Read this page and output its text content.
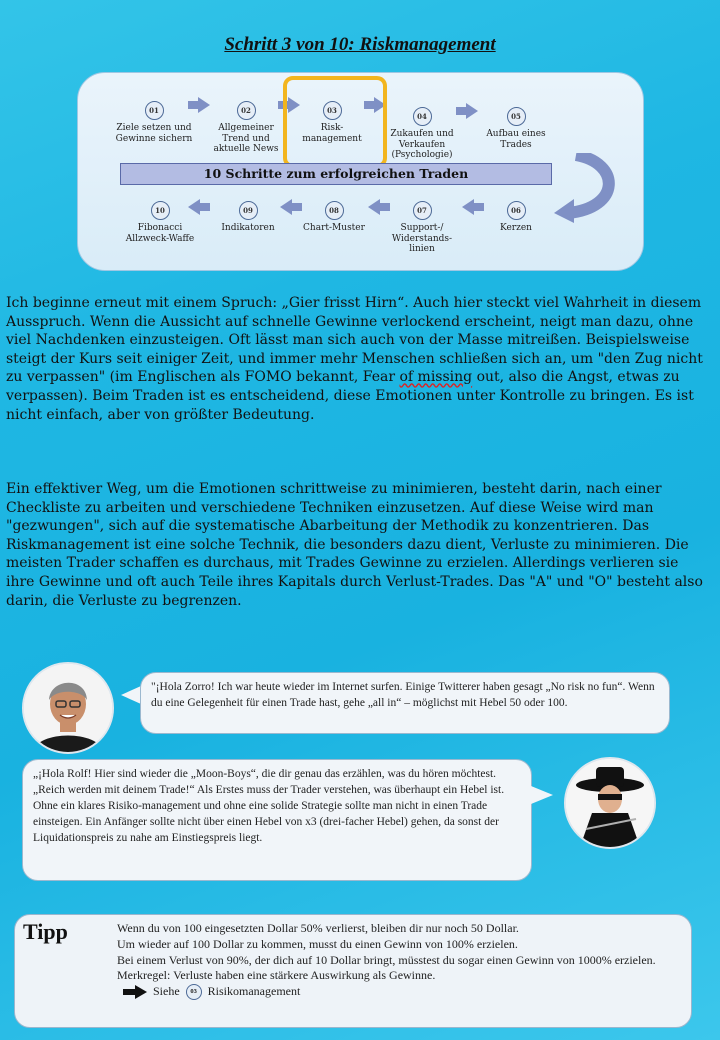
Schritt 3 von 10: Riskmanagement
01
Ziele setzen und Gewinne sichern
02
Allgemeiner Trend und aktuelle News
03
Risk-management
04
Zukaufen und Verkaufen (Psychologie)
05
Aufbau eines Trades
10 Schritte zum erfolgreichen Traden
10
Fibonacci Allzweck-Waffe
09
Indikatoren
08
Chart-Muster
07
Support-/ Widerstands-linien
06
Kerzen
Ich beginne erneut mit einem Spruch: „Gier frisst Hirn“. Auch hier steckt viel Wahrheit in diesem Ausspruch. Wenn die Aussicht auf schnelle Gewinne verlockend erscheint, neigt man dazu, ohne viel Nachdenken einzusteigen. Oft lässt man sich auch von der Masse mitreißen. Beispielsweise steigt der Kurs seit einiger Zeit, und immer mehr Menschen schließen sich an, um "den Zug nicht zu verpassen" (im Englischen als FOMO bekannt, Fear of missing out, also die Angst, etwas zu verpassen). Beim Traden ist es entscheidend, diese Emotionen unter Kontrolle zu bringen. Es ist nicht einfach, aber von größter Bedeutung.
Ein effektiver Weg, um die Emotionen schrittweise zu minimieren, besteht darin, nach einer Checkliste zu arbeiten und verschiedene Techniken einzusetzen. Auf diese Weise wird man "gezwungen", sich auf die systematische Abarbeitung der Methodik zu konzentrieren. Das Riskmanagement ist eine solche Technik, die besonders dazu dient, Verluste zu minimieren. Die meisten Trader schaffen es durchaus, mit Trades Gewinne zu erzielen. Allerdings verlieren sie ihre Gewinne und oft auch Teile ihres Kapitals durch Verlust-Trades. Das "A" und "O" besteht also darin, die Verluste zu begrenzen.
"¡Hola Zorro! Ich war heute wieder im Internet surfen. Einige Twitterer haben gesagt „No risk no fun“. Wenn du eine Gelegenheit für einen Trade hast, gehe „all in“ – möglichst mit Hebel 50 oder 100.
„¡Hola Rolf! Hier sind wieder die „Moon-Boys“, die dir genau das erzählen, was du hören möchtest. „Reich werden mit deinem Trade!“ Als Erstes muss der Trader verstehen, was überhaupt ein Hebel ist. Ohne ein klares Risiko-management und ohne eine solide Strategie sollte man nicht in einen Trade einsteigen. Ein Anfänger sollte nicht über einen Hebel von x3 (drei-facher Hebel) gehen, da sonst der Liquidationspreis zu nahe am Einstiegspreis liegt.
Tipp	Wenn du von 100 eingesetzten Dollar 50% verlierst, bleiben dir nur noch 50 Dollar.
Um wieder auf 100 Dollar zu kommen, musst du einen Gewinn von 100% erzielen.
Bei einem Verlust von 90%, der dich auf 10 Dollar bringt, müsstest du sogar einen Gewinn von 1000% erzielen.
Merkregel: Verluste haben eine stärkere Auswirkung als Gewinne.
Siehe	03 Risikomanagement
